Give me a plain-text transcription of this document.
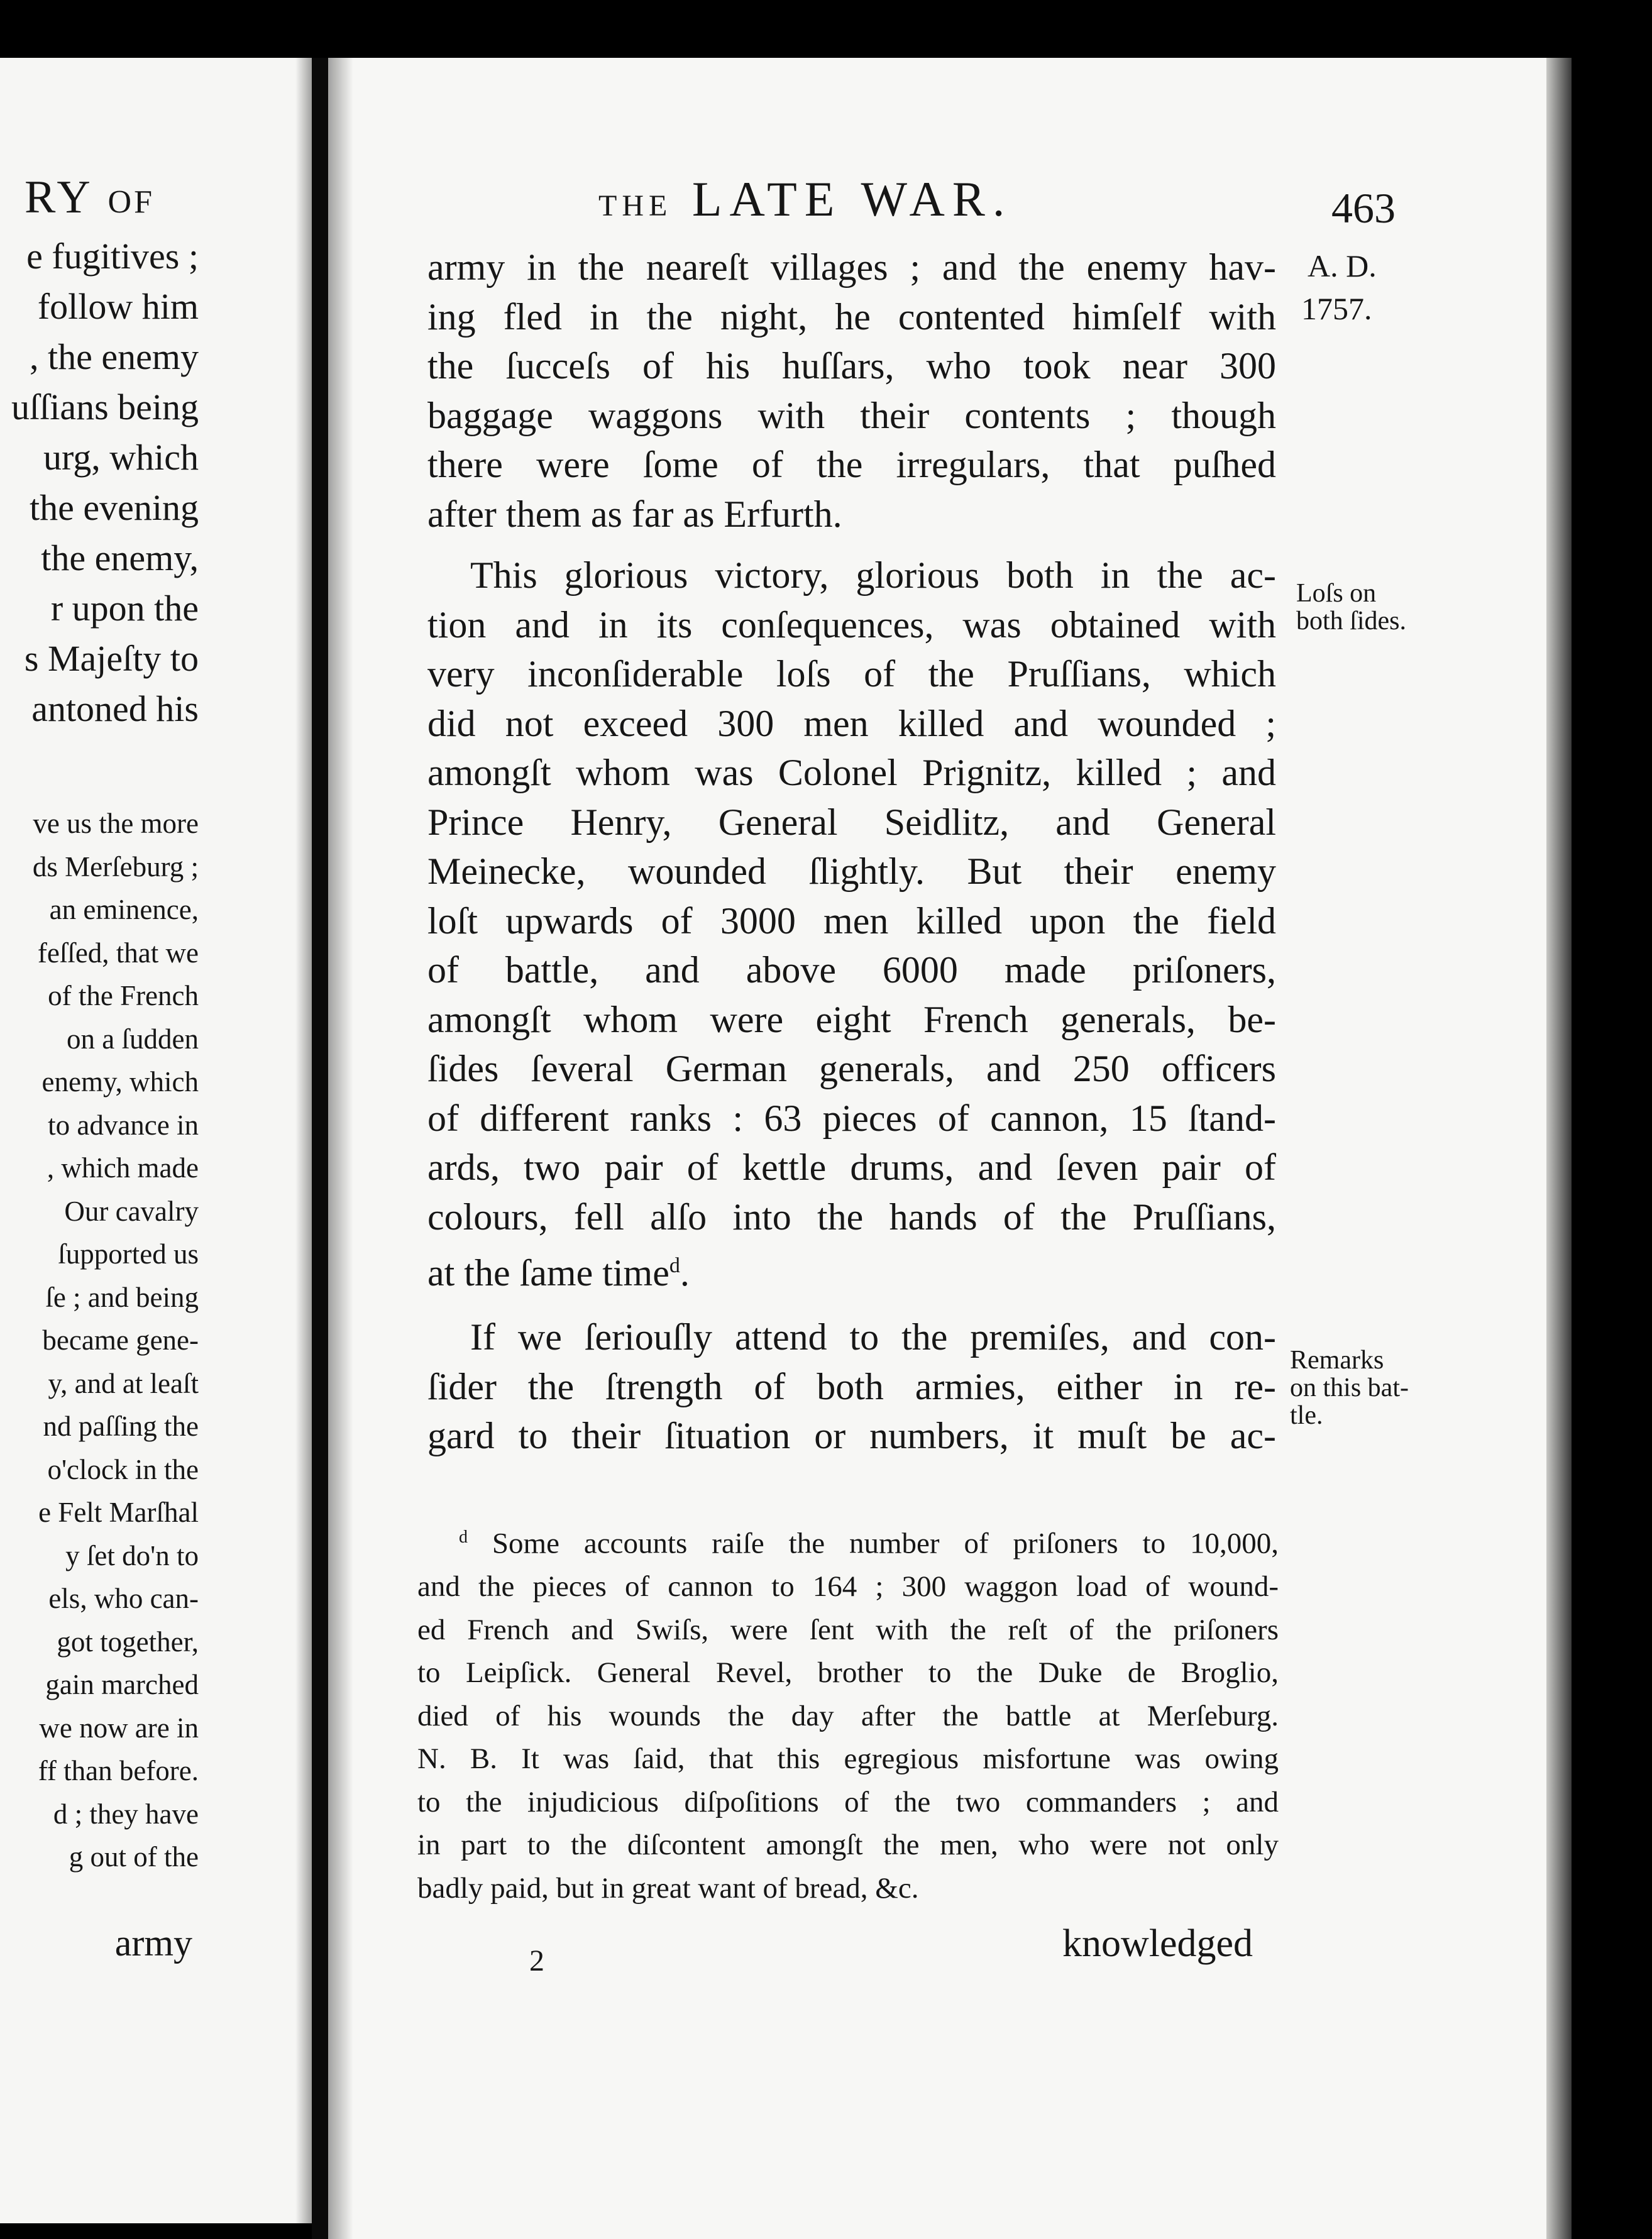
RY OF
e fugitives ;
follow him
, the enemy
uſſians being
urg, which
the evening
the enemy,
r upon the
s Majeſty to
antoned his
ve us the more
ds Merſeburg ;
an eminence,
feſſed, that we
of the French
on a ſudden
enemy, which
to advance in
, which made
Our cavalry
ſupported us
ſe ; and being
became gene-
y, and at leaſt
nd paſſing the
o'clock in the
e Felt Marſhal
y ſet do'n to
els, who can-
got together,
gain marched
we now are in
ff than before.
d ; they have
g out of the
army
THE LATE WAR.	463
A. D.
1757.
Loſs on
both ſides.
Remarks
on this bat-
tle.
army in the neareſt villages ; and the enemy hav-
ing fled in the night, he contented himſelf with
the ſucceſs of his huſſars, who took near 300
baggage waggons with their contents ; though
there were ſome of the irregulars, that puſhed
after them as far as Erfurth.
This glorious victory, glorious both in the ac-
tion and in its conſequences, was obtained with
very inconſiderable loſs of the Pruſſians, which
did not exceed 300 men killed and wounded ;
amongſt whom was Colonel Prignitz, killed ; and
Prince Henry, General Seidlitz, and General
Meinecke, wounded ſlightly. But their enemy
loſt upwards of 3000 men killed upon the field
of battle, and above 6000 made priſoners,
amongſt whom were eight French generals, be-
ſides ſeveral German generals, and 250 officers
of different ranks : 63 pieces of cannon, 15 ſtand-
ards, two pair of kettle drums, and ſeven pair of
colours, fell alſo into the hands of the Pruſſians,
at the ſame time$^d$.
If we ſeriouſly attend to the premiſes, and con-
ſider the ſtrength of both armies, either in re-
gard to their ſituation or numbers, it muſt be ac-
$^d$ Some accounts raiſe the number of priſoners to 10,000,
and the pieces of cannon to 164 ; 300 waggon load of wound-
ed French and Swiſs, were ſent with the reſt of the priſoners
to Leipſick. General Revel, brother to the Duke de Broglio,
died of his wounds the day after the battle at Merſeburg.
N. B. It was ſaid, that this egregious misfortune was owing
to the injudicious diſpoſitions of the two commanders ; and
in part to the diſcontent amongſt the men, who were not only
badly paid, but in great want of bread, &c.
2	knowledged
